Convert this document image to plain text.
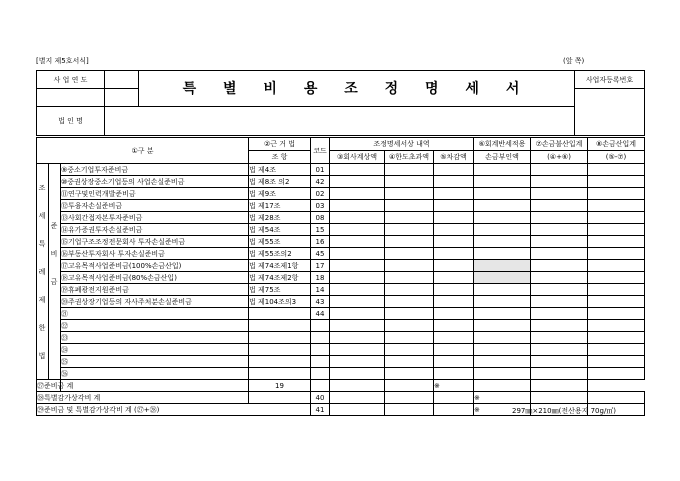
[별지 제5호서식]	(앞 쪽)
사 업 연 도		특 별 비 용 조 정 명 세 서	사업자등록번호

법 인 명			
①구 분			②근 거 법	코드	조정명세서상 내역			⑥회계반세적용	⑦손금불산입계	⑧손금산입계
			조 항		③회사계상액	④한도초과액	⑤차감액	손금부인액	(④+⑥)	(⑤-⑦)
		⑨중소기업투자준비금	법 제4조	01						
		⑩중권상장중소기업등의 사업손실준비금	법 제8조 의2	42						
		⑪연구및인력개발준비금	법 제9조	02						
		⑫투융자손실준비금	법 제17조	03						
		⑬사회간접자본투자준비금	법 제28조	08						
		⑭유가증권투자손실준비금	법 제54조	15						
		⑮기업구조조정전문회사 투자손실준비금	법 제55조	16						
		⑯부동산투자회사 투자손실준비금	법 제55조의2	45						
		⑰고유목적사업준비금(100%손금산입)	법 제74조제1항	17						
		⑱고유목적사업준비금(80%손금산입)	법 제74조제2항	18						
		⑲휴폐광전지원준비금	법 제75조	14						
		⑳주권상장기업등의 자사주처분손실준비금	법 제104조의3	43						
		㉑		44						
		㉒								
		㉓								
		㉔								
		㉕								
		㉖								
㉗준비금 계			19				※			
㉘특별감가상각비 계				40				※		
㉙준비금 및 특별감가상각비 계 (㉗+㉘)				41				※		
조
세
특
례
제
한
법
준
비
금
297㎜×210㎜(전산용지 70g/㎡)
